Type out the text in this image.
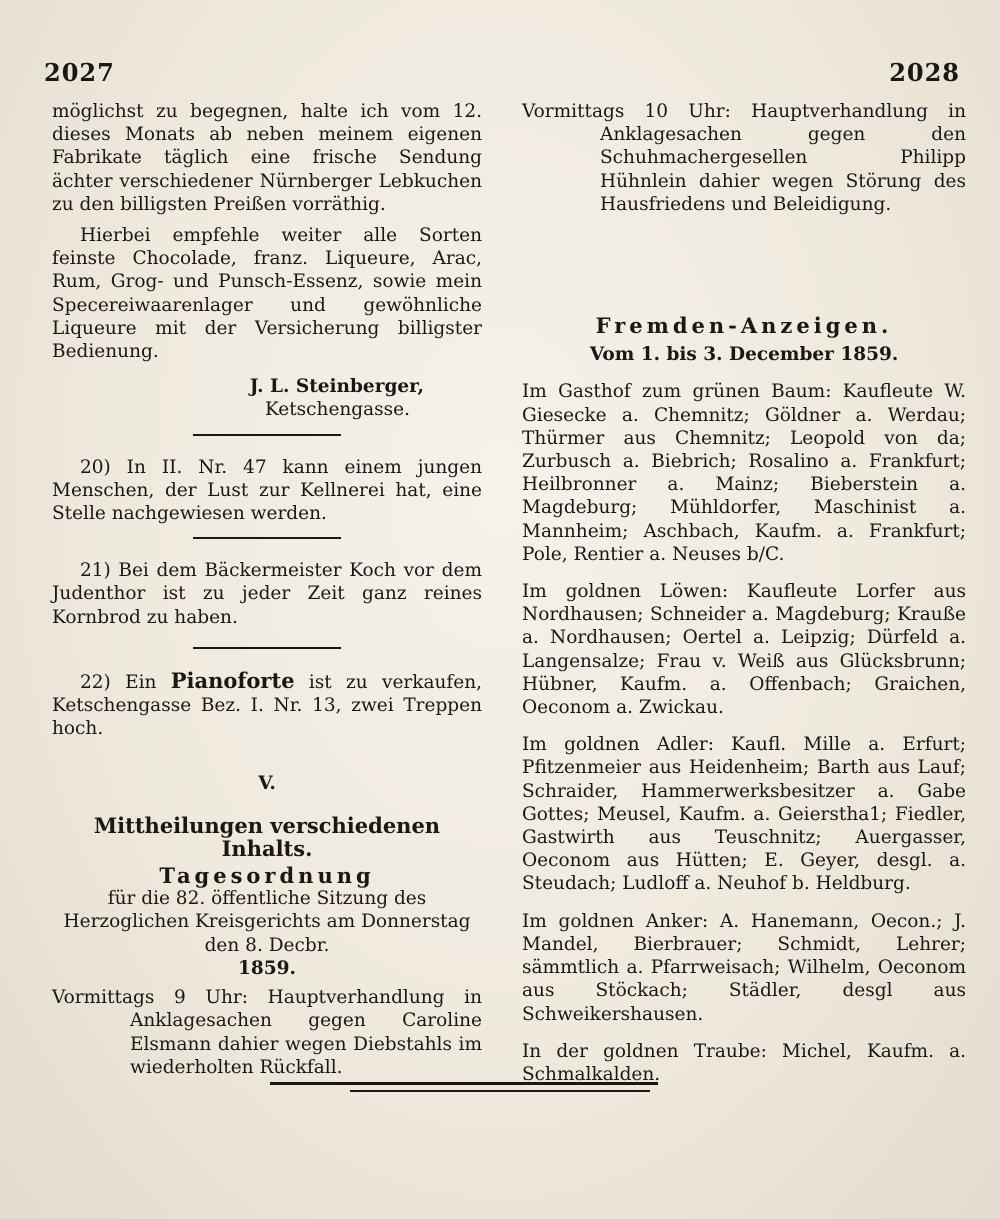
2027	2028

möglichst zu begegnen, halte ich vom 12. dieses Monats ab neben meinem eigenen Fabrikate täglich eine frische Sendung ächter verschiedener Nürnberger Lebkuchen zu den billigsten Preißen vorräthig.

Hierbei empfehle weiter alle Sorten feinste Chocolade, franz. Liqueure, Arac, Rum, Grog- und Punsch-Essenz, sowie mein Specereiwaarenlager und gewöhnliche Liqueure mit der Versicherung billigster Bedienung.

J. L. Steinberger,
Ketschengasse.

20) In II. Nr. 47 kann einem jungen Menschen, der Lust zur Kellnerei hat, eine Stelle nachgewiesen werden.

21) Bei dem Bäckermeister Koch vor dem Judenthor ist zu jeder Zeit ganz reines Kornbrod zu haben.

22) Ein Pianoforte ist zu verkaufen, Ketschengasse Bez. I. Nr. 13, zwei Treppen hoch.

V.
Mittheilungen verschiedenen Inhalts.
Tagesordnung

für die 82. öffentliche Sitzung des Herzoglichen Kreisgerichts am Donnerstag den 8. Decbr.

1859.

Vormittags 9 Uhr: Hauptverhandlung in Anklagesachen gegen Caroline Elsmann dahier wegen Diebstahls im wiederholten Rückfall.

Vormittags 10 Uhr: Hauptverhandlung in Anklagesachen gegen den Schuhmachergesellen Philipp Hühnlein dahier wegen Störung des Hausfriedens und Beleidigung.

Fremden-Anzeigen.
Vom 1. bis 3. December 1859.

Im Gasthof zum grünen Baum: Kaufleute W. Giesecke a. Chemnitz; Göldner a. Werdau; Thürmer aus Chemnitz; Leopold von da; Zurbusch a. Biebrich; Rosalino a. Frankfurt; Heilbronner a. Mainz; Bieberstein a. Magdeburg; Mühldorfer, Maschinist a. Mannheim; Aschbach, Kaufm. a. Frankfurt; Pole, Rentier a. Neuses b/C.

Im goldnen Löwen: Kaufleute Lorfer aus Nordhausen; Schneider a. Magdeburg; Krauße a. Nordhausen; Oertel a. Leipzig; Dürfeld a. Langensalze; Frau v. Weiß aus Glücksbrunn; Hübner, Kaufm. a. Offenbach; Graichen, Oeconom a. Zwickau.

Im goldnen Adler: Kaufl. Mille a. Erfurt; Pfitzenmeier aus Heidenheim; Barth aus Lauf; Schraider, Hammerwerksbesitzer a. Gabe Gottes; Meusel, Kaufm. a. Geierstha1; Fiedler, Gastwirth aus Teuschnitz; Auergasser, Oeconom aus Hütten; E. Geyer, desgl. a. Steudach; Ludloff a. Neuhof b. Heldburg.

Im goldnen Anker: A. Hanemann, Oecon.; J. Mandel, Bierbrauer; Schmidt, Lehrer; sämmtlich a. Pfarrweisach; Wilhelm, Oeconom aus Stöckach; Städler, desgl aus Schweikershausen.

In der goldnen Traube: Michel, Kaufm. a. Schmalkalden.
